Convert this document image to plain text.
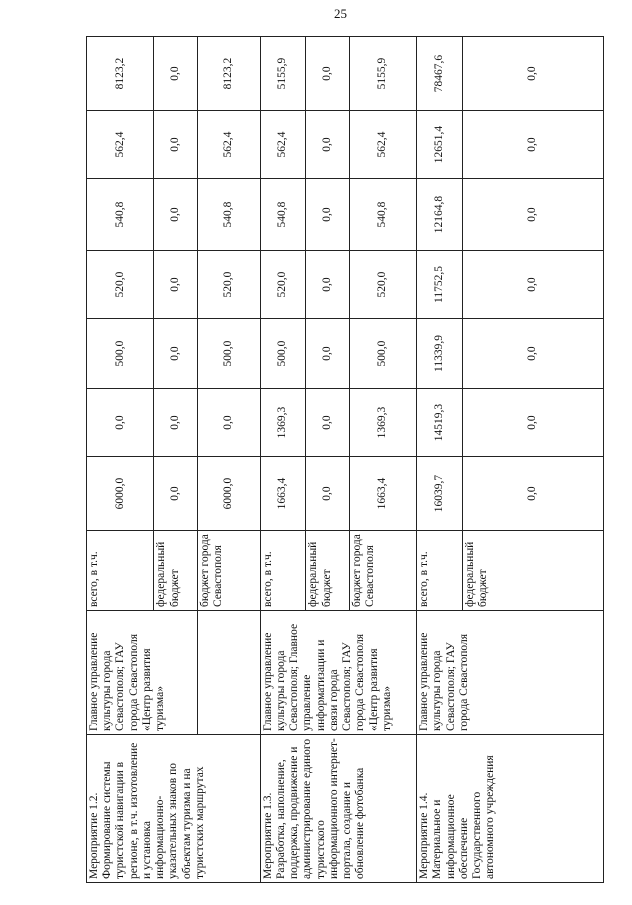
25
Мероприятие 1.2.
Формирование системы туристской навигации в регионе, в т.ч. изготовление и установка информационно-указательных знаков по объектам туризма и на туристских маршрутах	Главное управление культуры города Севастополя; ГАУ города Севастополя «Центр развития туризма»	всего, в т.ч.	6000,0	0,0	500,0	520,0	540,8	562,4	8123,2
		федеральный бюджет	0,0	0,0	0,0	0,0	0,0	0,0	0,0
		бюджет города Севастополя	6000,0	0,0	500,0	520,0	540,8	562,4	8123,2
Мероприятие 1.3.
Разработка, наполнение, поддержка, продвижение и администрирование единого туристского информационного интернет-портала, создание и обновление фотобанка	Главное управление культуры города Севастополя; Главное управление информатизации и связи города Севастополя; ГАУ города Севастополя «Центр развития туризма»	всего, в т.ч.	1663,4	1369,3	500,0	520,0	540,8	562,4	5155,9
		федеральный бюджет	0,0	0,0	0,0	0,0	0,0	0,0	0,0
		бюджет города Севастополя	1663,4	1369,3	500,0	520,0	540,8	562,4	5155,9
Мероприятие 1.4.
Материальное и информационное обеспечение Государственного автономного учреждения	Главное управление культуры города Севастополя; ГАУ города Севастополя	всего, в т.ч.	16039,7	14519,3	11339,9	11752,5	12164,8	12651,4	78467,6
		федеральный бюджет	0,0	0,0	0,0	0,0	0,0	0,0	0,0
